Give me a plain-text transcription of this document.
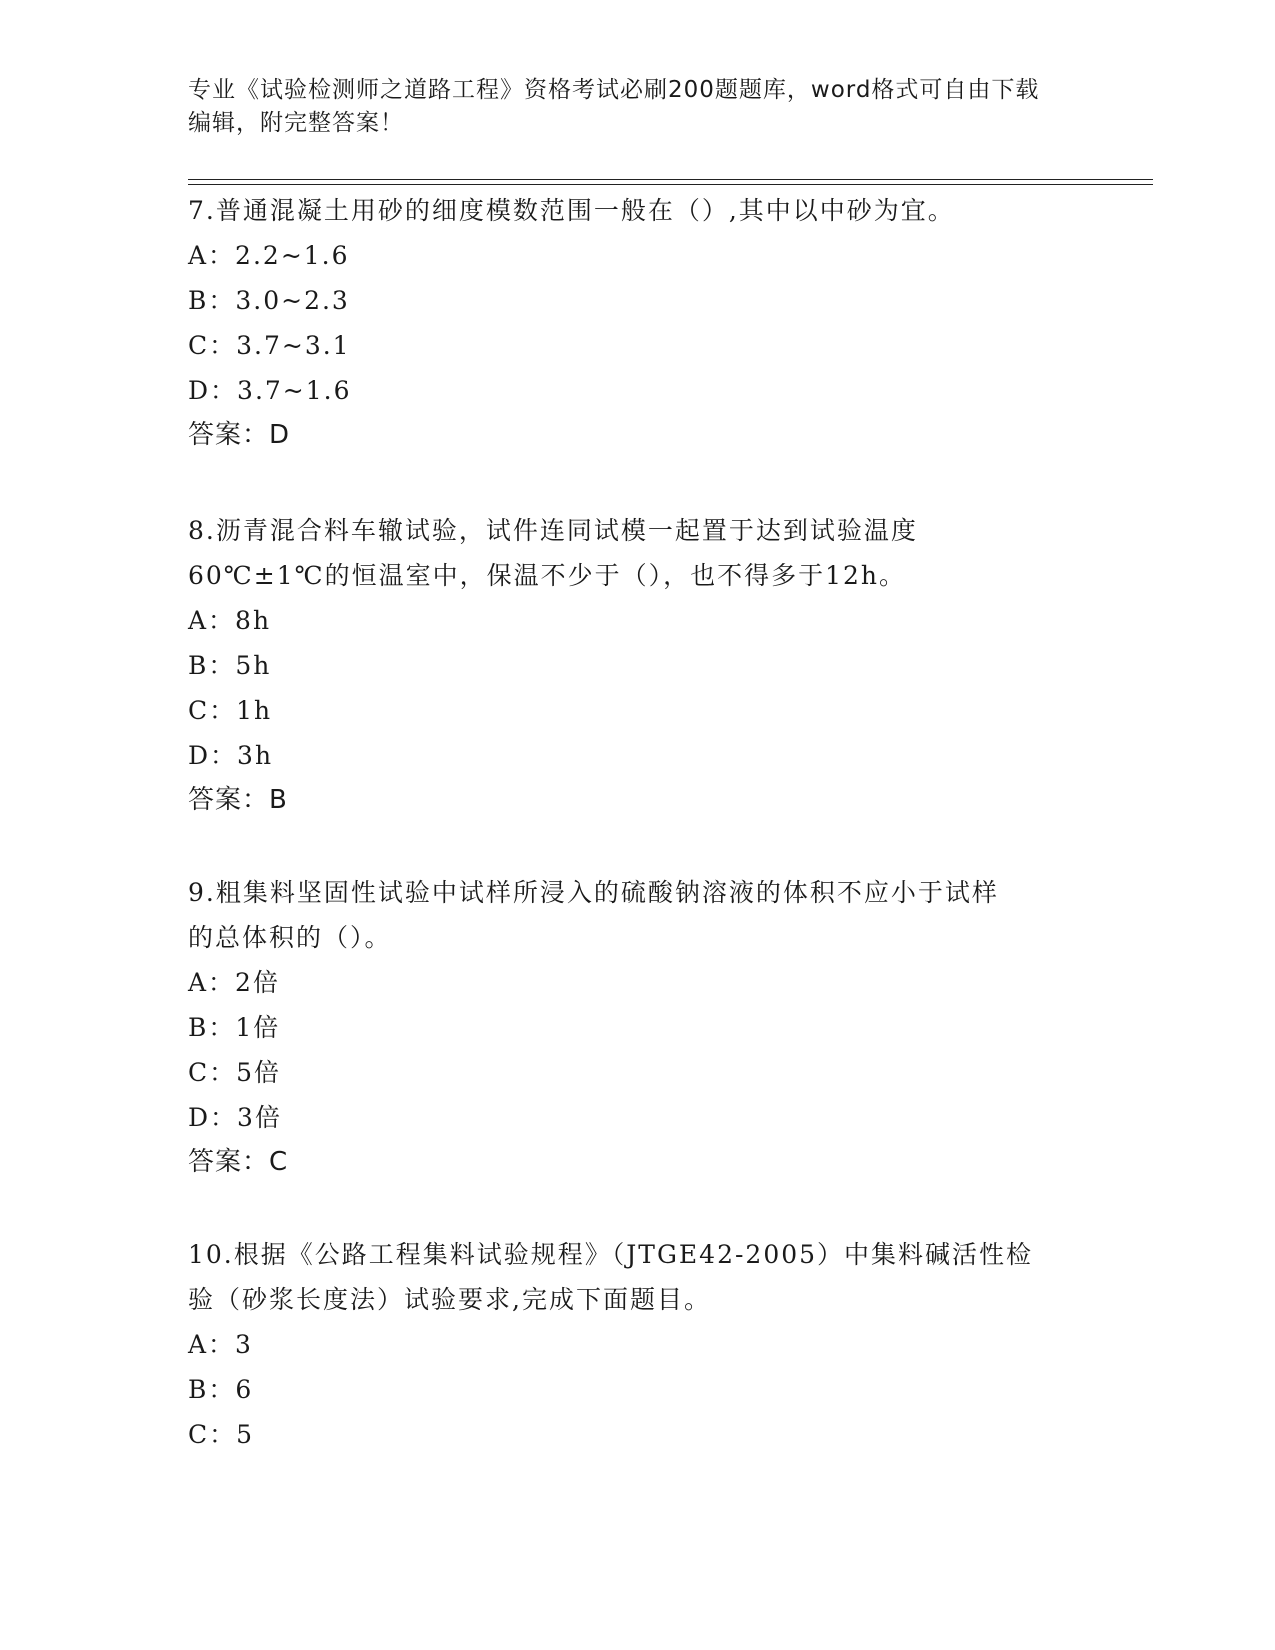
专业《试验检测师之道路工程》资格考试必刷200题题库，word格式可自由下载
编辑，附完整答案！

7.普通混凝土用砂的细度模数范围一般在（）,其中以中砂为宜。

A：2.2~1.6

B：3.0~2.3

C：3.7~3.1

D：3.7~1.6

答案：D

8.沥青混合料车辙试验，试件连同试模一起置于达到试验温度

60℃±1℃的恒温室中，保温不少于（），也不得多于12h。

A：8h

B：5h

C：1h

D：3h

答案：B

9.粗集料坚固性试验中试样所浸入的硫酸钠溶液的体积不应小于试样

的总体积的（）。

A：2倍

B：1倍

C：5倍

D：3倍

答案：C

10.根据《公路工程集料试验规程》（JTGE42-2005）中集料碱活性检

验（砂浆长度法）试验要求,完成下面题目。

A：3

B：6

C：5
